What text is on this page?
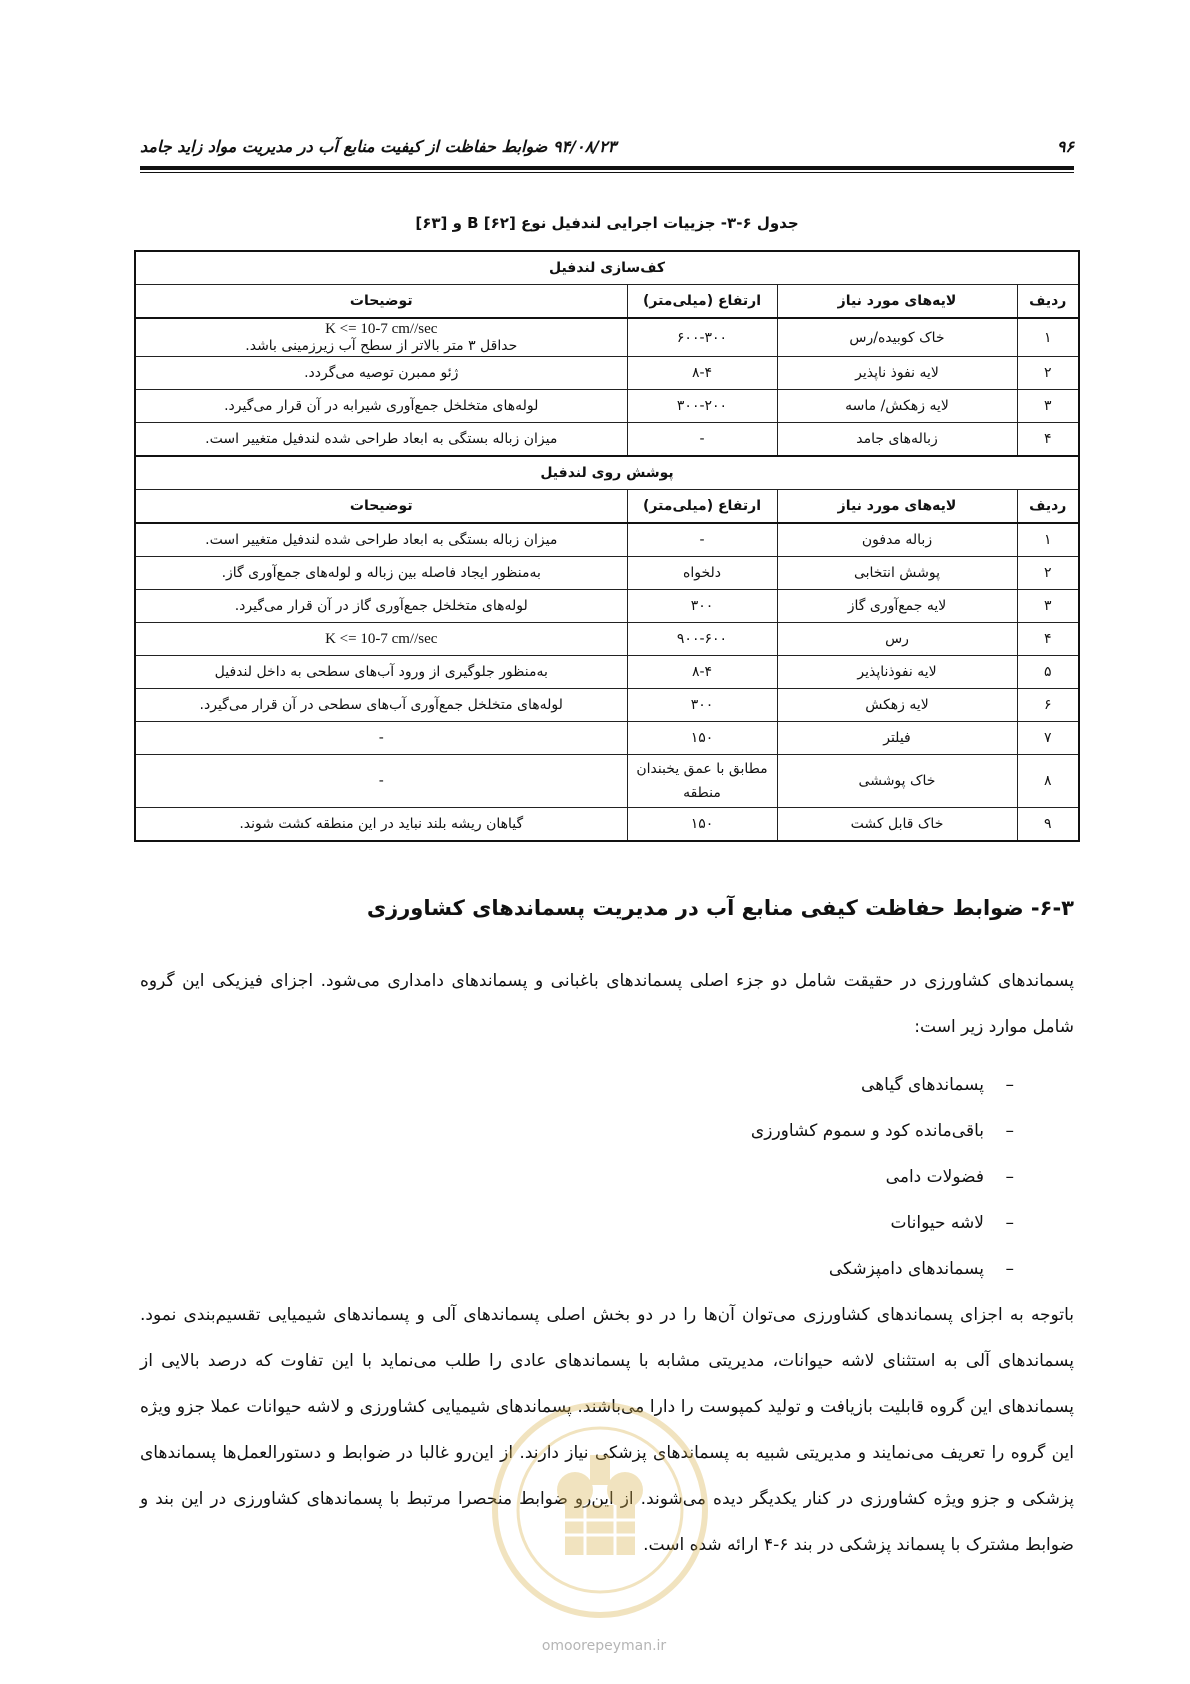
۹۶
۹۴/۰۸/۲۳ ضوابط حفاظت از کیفیت منابع آب در مدیریت مواد زاید جامد
جدول ۶-۳- جزییات اجرایی لندفیل نوع B [۶۲] و [۶۳]
کف‌سازی لندفیل			
ردیف	لایه‌های مورد نیاز	ارتفاع (میلی‌متر)	توضیحات
۱	خاک کوبیده/رس	۶۰۰-۳۰۰	K <= 10-7 cm//sec
حداقل ۳ متر بالاتر از سطح آب زیرزمینی باشد.

۲	لایه نفوذ ناپذیر	۸-۴	ژئو ممبرن توصیه می‌گردد.
۳	لایه زهکش/ ماسه	۳۰۰-۲۰۰	لوله‌های متخلخل جمع‌آوری شیرابه در آن قرار می‌گیرد.
۴	زباله‌های جامد	-	میزان زباله بستگی به ابعاد طراحی شده لندفیل متغییر است.
پوشش روی لندفیل			
ردیف	لایه‌های مورد نیاز	ارتفاع (میلی‌متر)	توضیحات
۱	زباله مدفون	-	میزان زباله بستگی به ابعاد طراحی شده لندفیل متغییر است.
۲	پوشش انتخابی	دلخواه	به‌منظور ایجاد فاصله بین زباله و لوله‌های جمع‌آوری گاز.
۳	لایه جمع‌آوری گاز	۳۰۰	لوله‌های متخلخل جمع‌آوری گاز در آن قرار می‌گیرد.
۴	رس	۹۰۰-۶۰۰	K <= 10-7 cm//sec
۵	لایه نفوذناپذیر	۸-۴	به‌منظور جلوگیری از ورود آب‌های سطحی به داخل لندفیل
۶	لایه زهکش	۳۰۰	لوله‌های متخلخل جمع‌آوری آب‌های سطحی در آن قرار می‌گیرد.
۷	فیلتر	۱۵۰	-
۸	خاک پوششی	مطابق با عمق یخبندان منطقه	-
۹	خاک قابل کشت	۱۵۰	گیاهان ریشه بلند نباید در این منطقه کشت شوند.
۶-۳- ضوابط حفاظت کیفی منابع آب در مدیریت پسماندهای کشاورزی
پسماندهای کشاورزی در حقیقت شامل دو جزء اصلی پسماندهای باغبانی و پسماندهای دامداری می‌شود. اجزای فیزیکی این گروه شامل موارد زیر است:
–پسماندهای گیاهی
–باقی‌مانده کود و سموم کشاورزی
–فضولات دامی
–لاشه حیوانات
–پسماندهای دامپزشکی
باتوجه به اجزای پسماندهای کشاورزی می‌توان آن‌ها را در دو بخش اصلی پسماندهای آلی و پسماندهای شیمیایی تقسیم‌بندی نمود. پسماندهای آلی به استثنای لاشه حیوانات، مدیریتی مشابه با پسماندهای عادی را طلب می‌نماید با این تفاوت که درصد بالایی از پسماندهای این گروه قابلیت بازیافت و تولید کمپوست را دارا می‌باشند. پسماندهای شیمیایی کشاورزی و لاشه حیوانات عملا جزو ویژه این گروه را تعریف می‌نمایند و مدیریتی شبیه به پسماندهای پزشکی نیاز دارند. از این‌رو غالبا در ضوابط و دستورالعمل‌ها پسماندهای پزشکی و جزو ویژه کشاورزی در کنار یکدیگر دیده می‌شوند. از این‌رو ضوابط منحصرا مرتبط با پسماندهای کشاورزی در این بند و ضوابط مشترک با پسماند پزشکی در بند ۶-۴ ارائه شده است.
omoorepeyman.ir
